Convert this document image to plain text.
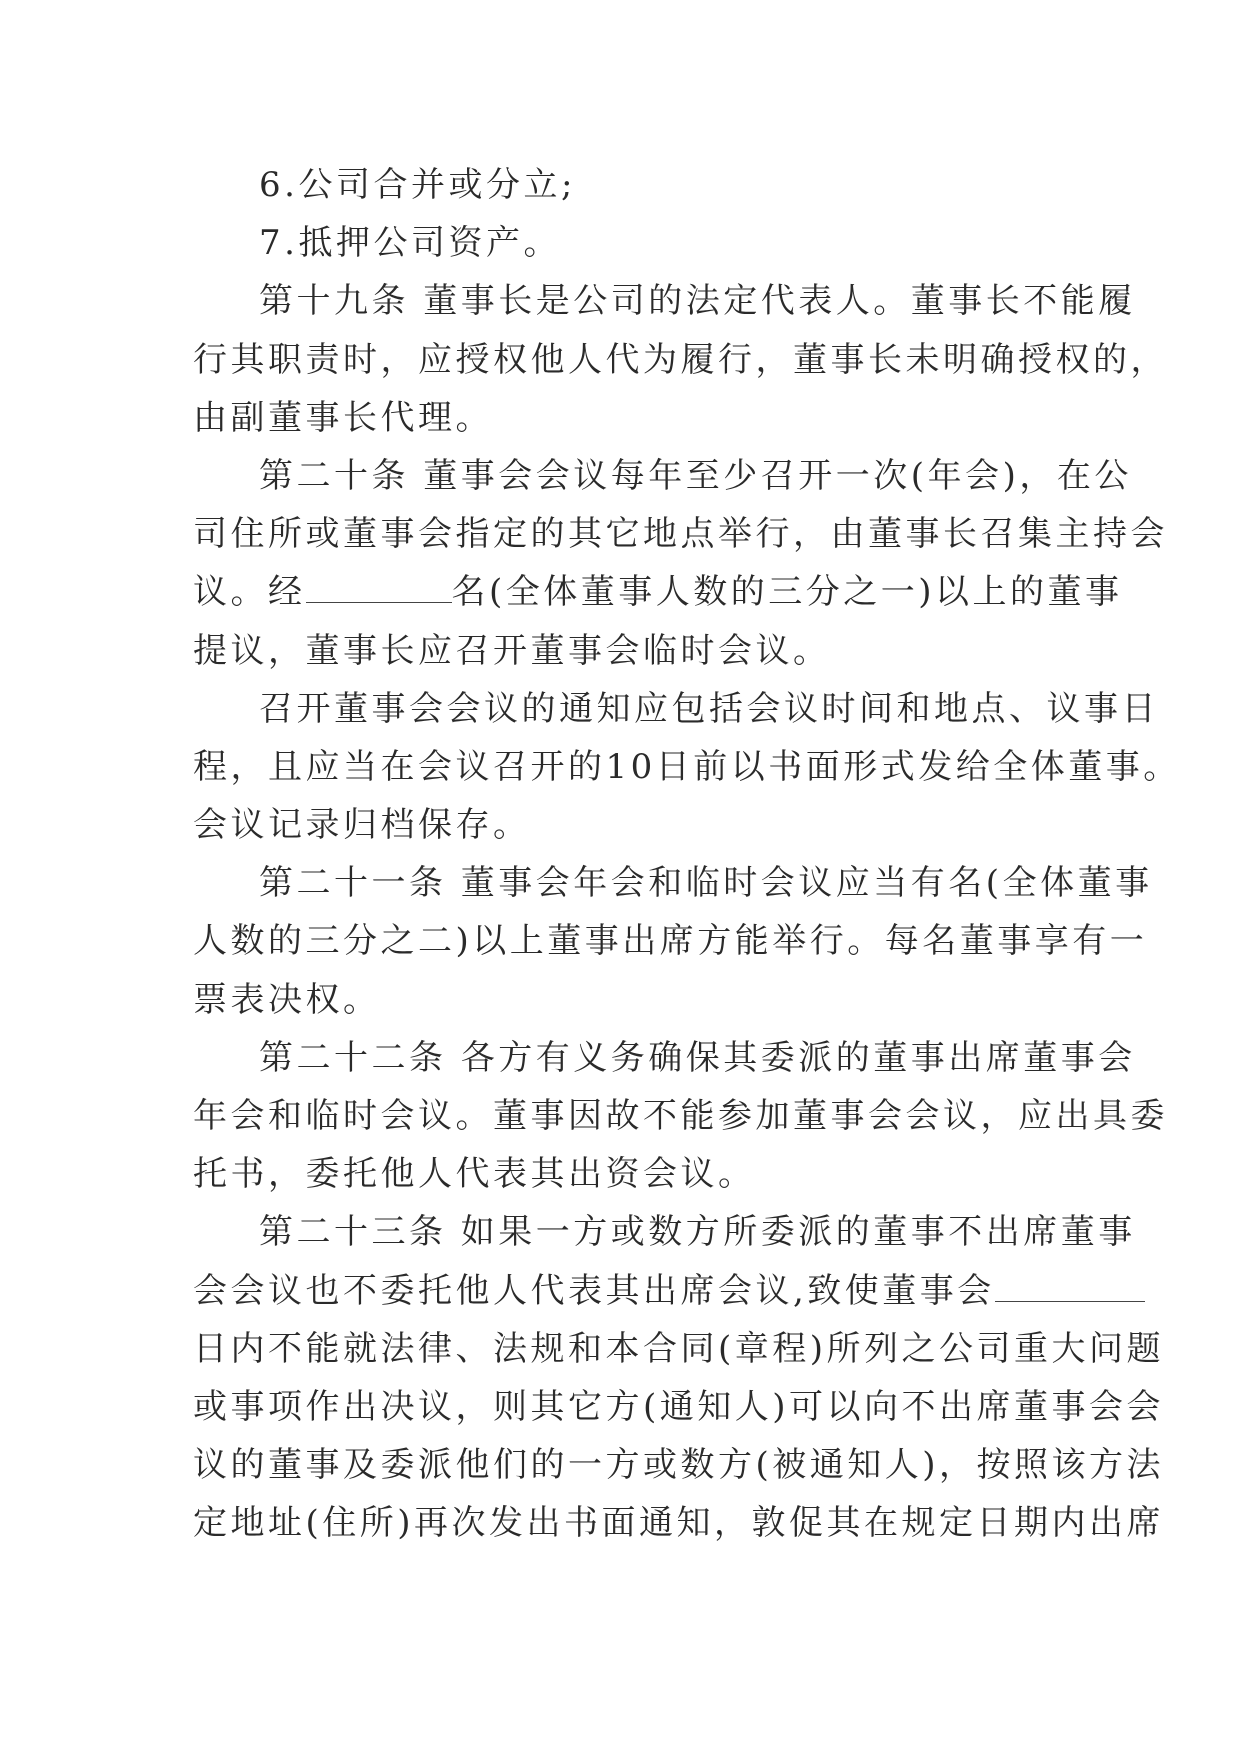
6.公司合并或分立;
7.抵押公司资产。
第十九条 董事长是公司的法定代表人。董事长不能履
行其职责时，应授权他人代为履行，董事长未明确授权的，
由副董事长代理。
第二十条 董事会会议每年至少召开一次(年会)，在公
司住所或董事会指定的其它地点举行，由董事长召集主持会
议。经	名(全体董事人数的三分之一)以上的董事
提议，董事长应召开董事会临时会议。
召开董事会会议的通知应包括会议时间和地点、议事日
程，且应当在会议召开的10日前以书面形式发给全体董事。
会议记录归档保存。
第二十一条 董事会年会和临时会议应当有名(全体董事
人数的三分之二)以上董事出席方能举行。每名董事享有一
票表决权。
第二十二条 各方有义务确保其委派的董事出席董事会
年会和临时会议。董事因故不能参加董事会会议，应出具委
托书，委托他人代表其出资会议。
第二十三条 如果一方或数方所委派的董事不出席董事
会会议也不委托他人代表其出席会议,致使董事会
日内不能就法律、法规和本合同(章程)所列之公司重大问题
或事项作出决议，则其它方(通知人)可以向不出席董事会会
议的董事及委派他们的一方或数方(被通知人)，按照该方法
定地址(住所)再次发出书面通知，敦促其在规定日期内出席
